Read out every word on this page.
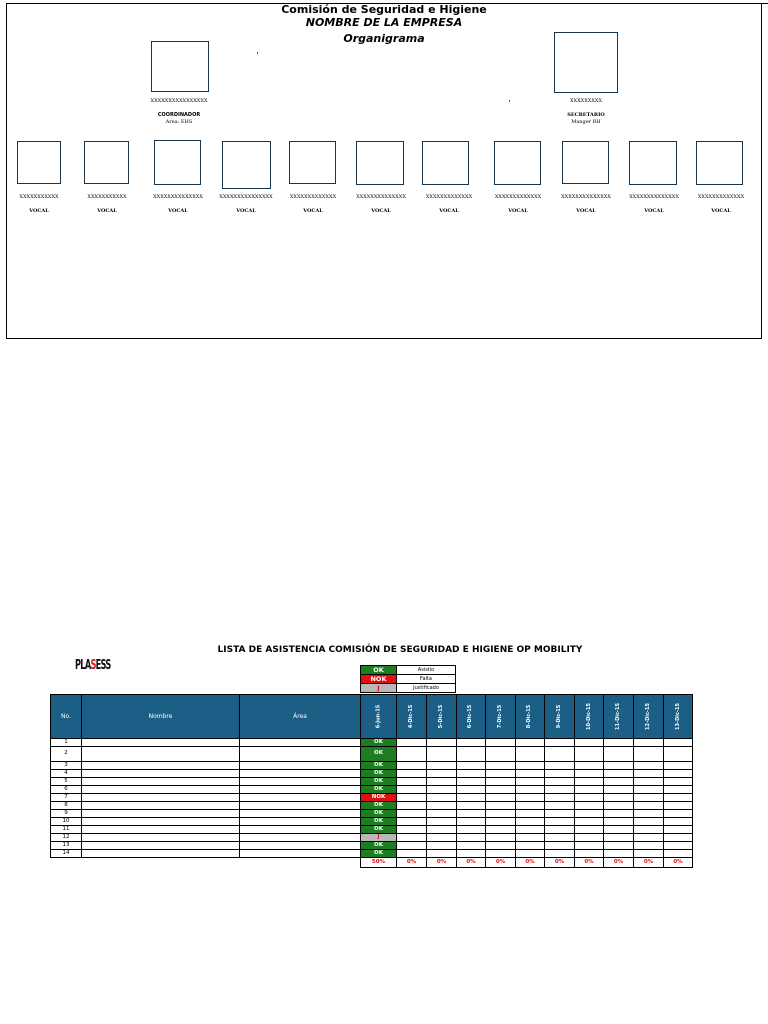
Comisión de Seguridad e Higiene
NOMBRE DE LA EMPRESA
Organigrama
XXXXXXXXXXXXXXXX
COORDINADOR
Area: EHS
XXXXXXXXX
SECRETARIO
Manger RH
XXXXXXXXXXX
VOCAL
XXXXXXXXXXX
VOCAL
XXXXXXXXXXXXXX
VOCAL
XXXXXXXXXXXXXXX
VOCAL
XXXXXXXXXXXXX
VOCAL
XXXXXXXXXXXXXX
VOCAL
XXXXXXXXXXXXX
VOCAL
XXXXXXXXXXXXX
VOCAL
XXXXXXXXXXXXXX
VOCAL
XXXXXXXXXXXXXX
VOCAL
XXXXXXXXXXXXX
VOCAL
LISTA DE ASISTENCIA COMISIÓN DE SEGURIDAD E HIGIENE OP MOBILITY
PLASESS	OK	Asistio
NOK	Falta
J	Justificado
No.	Nombre	Área	6-Jun-15	4-Dic-15	5-Dic-15	6-Dic-15	7-Dic-15	8-Dic-15	9-Dic-15	10-Dic-15	11-Dic-15	12-Dic-15	13-Dic-15
1			OK										
2			OK										
3			OK										
4			OK										
5			OK										
6			OK										
7			NOK										
8			OK										
9			OK										
10			OK										
11			OK										
12			J										
13			OK										
14			OK										
			50%	0%	0%	0%	0%	0%	0%	0%	0%	0%	0%
